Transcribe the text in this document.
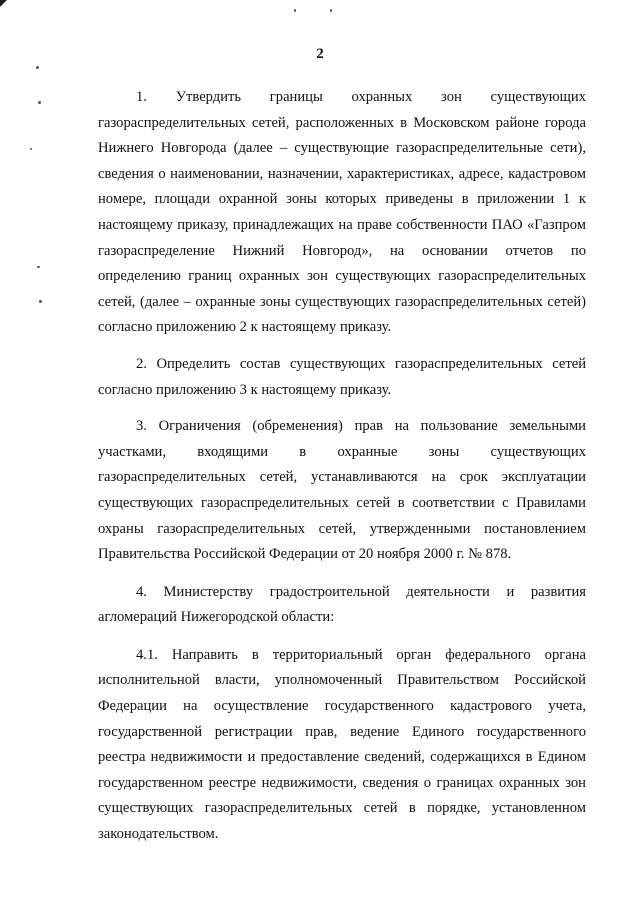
2

1. Утвердить границы охранных зон существующих газораспределительных сетей, расположенных в Московском районе города Нижнего Новгорода (далее – существующие газораспределительные сети), сведения о наименовании, назначении, характеристиках, адресе, кадастровом номере, площади охранной зоны которых приведены в приложении 1 к настоящему приказу, принадлежащих на праве собственности ПАО «Газпром газораспределение Нижний Новгород», на основании отчетов по определению границ охранных зон существующих газораспределительных сетей, (далее – охранные зоны существующих газораспределительных сетей) согласно приложению 2 к настоящему приказу.

2. Определить состав существующих газораспределительных сетей согласно приложению 3 к настоящему приказу.

3. Ограничения (обременения) прав на пользование земельными участками, входящими в охранные зоны существующих газораспределительных сетей, устанавливаются на срок эксплуатации существующих газораспределительных сетей в соответствии с Правилами охраны газораспределительных сетей, утвержденными постановлением Правительства Российской Федерации от 20 ноября 2000 г. № 878.

4. Министерству градостроительной деятельности и развития агломераций Нижегородской области:

4.1. Направить в территориальный орган федерального органа исполнительной власти, уполномоченный Правительством Российской Федерации на осуществление государственного кадастрового учета, государственной регистрации прав, ведение Единого государственного реестра недвижимости и предоставление сведений, содержащихся в Едином государственном реестре недвижимости, сведения о границах охранных зон существующих газораспределительных сетей в порядке, установленном законодательством.
